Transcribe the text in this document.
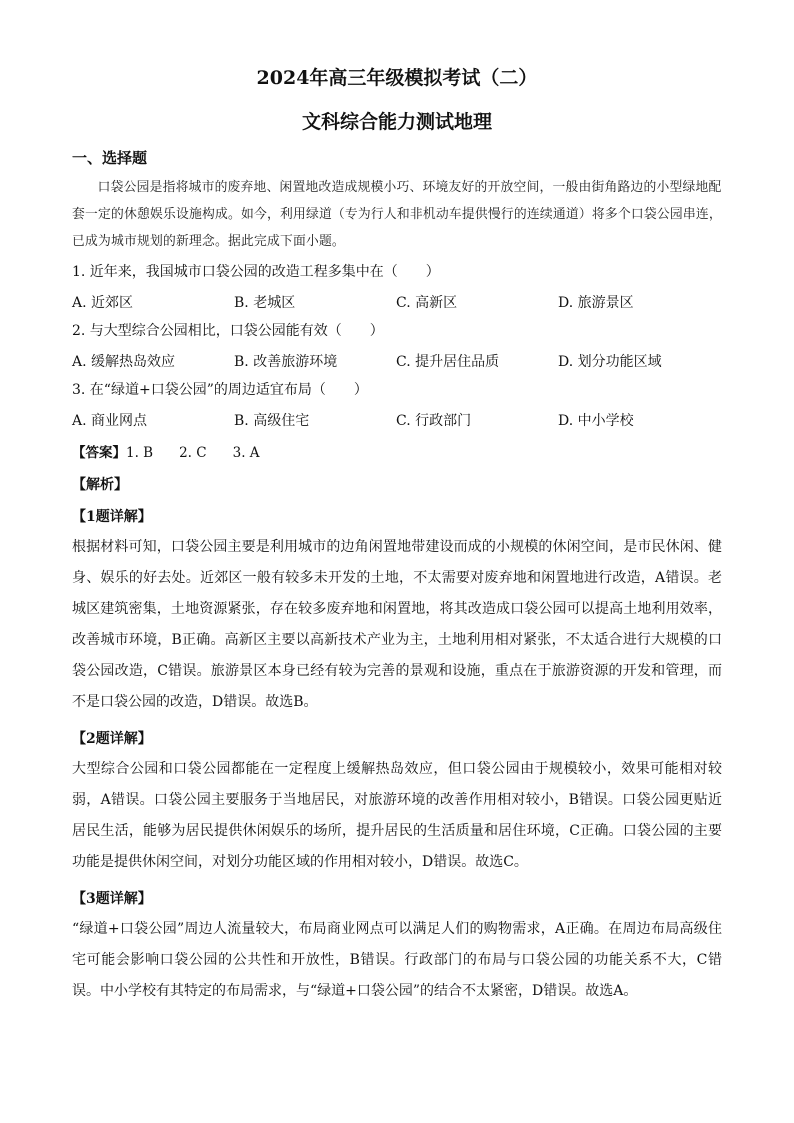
2024年高三年级模拟考试（二）
文科综合能力测试地理
一、选择题

口袋公园是指将城市的废弃地、闲置地改造成规模小巧、环境友好的开放空间，一般由街角路边的小型绿地配套一定的休憩娱乐设施构成。如今，利用绿道（专为行人和非机动车提供慢行的连续通道）将多个口袋公园串连，已成为城市规划的新理念。据此完成下面小题。

1. 近年来，我国城市口袋公园的改造工程多集中在（　　）
A. 近郊区	B. 老城区	C. 高新区	D. 旅游景区
2. 与大型综合公园相比，口袋公园能有效（　　）
A. 缓解热岛效应	B. 改善旅游环境	C. 提升居住品质	D. 划分功能区域
3. 在“绿道+口袋公园”的周边适宜布局（　　）
A. 商业网点	B. 高级住宅	C. 行政部门	D. 中小学校
【答案】1. B 2. C 3. A
【解析】
【1题详解】
根据材料可知，口袋公园主要是利用城市的边角闲置地带建设而成的小规模的休闲空间，是市民休闲、健身、娱乐的好去处。近郊区一般有较多未开发的土地，不太需要对废弃地和闲置地进行改造，A错误。老城区建筑密集，土地资源紧张，存在较多废弃地和闲置地，将其改造成口袋公园可以提高土地利用效率，改善城市环境，B正确。高新区主要以高新技术产业为主，土地利用相对紧张，不太适合进行大规模的口袋公园改造，C错误。旅游景区本身已经有较为完善的景观和设施，重点在于旅游资源的开发和管理，而不是口袋公园的改造，D错误。故选B。
【2题详解】
大型综合公园和口袋公园都能在一定程度上缓解热岛效应，但口袋公园由于规模较小，效果可能相对较弱，A错误。口袋公园主要服务于当地居民，对旅游环境的改善作用相对较小，B错误。口袋公园更贴近居民生活，能够为居民提供休闲娱乐的场所，提升居民的生活质量和居住环境，C正确。口袋公园的主要功能是提供休闲空间，对划分功能区域的作用相对较小，D错误。故选C。
【3题详解】
“绿道+口袋公园”周边人流量较大，布局商业网点可以满足人们的购物需求，A正确。在周边布局高级住宅可能会影响口袋公园的公共性和开放性，B错误。行政部门的布局与口袋公园的功能关系不大，C错误。中小学校有其特定的布局需求，与“绿道+口袋公园”的结合不太紧密，D错误。故选A。
